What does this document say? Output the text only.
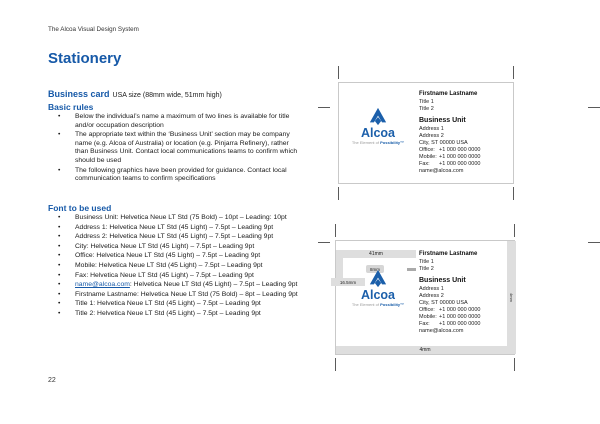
The Alcoa Visual Design System
Stationery
Business card USA size (88mm wide, 51mm high)
Basic rules
• Below the individual’s name a maximum of two lines is available for title and/or occupation description
• The appropriate text within the ‘Business Unit’ section may be company name (e.g. Alcoa of Australia) or location (e.g. Pinjarra Refinery), rather than Business Unit. Contact local communications teams to confirm which should be used
• The following graphics have been provided for guidance. Contact local communication teams to confirm specifications
Font to be used
• Business Unit: Helvetica Neue LT Std (75 Bold) – 10pt – Leading: 10pt
• Address 1: Helvetica Neue LT Std (45 Light) – 7.5pt – Leading 9pt
• Address 2: Helvetica Neue LT Std (45 Light) – 7.5pt – Leading 9pt
• City: Helvetica Neue LT Std (45 Light) – 7.5pt – Leading 9pt
• Office: Helvetica Neue LT Std (45 Light) – 7.5pt – Leading 9pt
• Mobile: Helvetica Neue LT Std (45 Light) – 7.5pt – Leading 9pt
• Fax: Helvetica Neue LT Std (45 Light) – 7.5pt – Leading 9pt
• name@alcoa.com: Helvetica Neue LT Std (45 Light) – 7.5pt – Leading 9pt
• Firstname Lastname: Helvetica Neue LT Std (75 Bold) – 8pt – Leading 9pt
• Title 1: Helvetica Neue LT Std (45 Light) – 7.5pt – Leading 9pt
• Title 2: Helvetica Neue LT Std (45 Light) – 7.5pt – Leading 9pt
22
Alcoa
The Element of Possibility™
Firstname Lastname
Title 1
Title 2
Business Unit
Address 1
Address 2
City, ST 00000 USA
Office: +1 000 000 0000
Mobile: +1 000 000 0000
Fax:	+1 000 000 0000
name@alcoa.com
41mm
8mm
16.5mm
4mm
4mm
Alcoa
The Element of Possibility™
Firstname Lastname
Title 1
Title 2
Business Unit
Address 1
Address 2
City, ST 00000 USA
Office: +1 000 000 0000
Mobile: +1 000 000 0000
Fax:	+1 000 000 0000
name@alcoa.com
